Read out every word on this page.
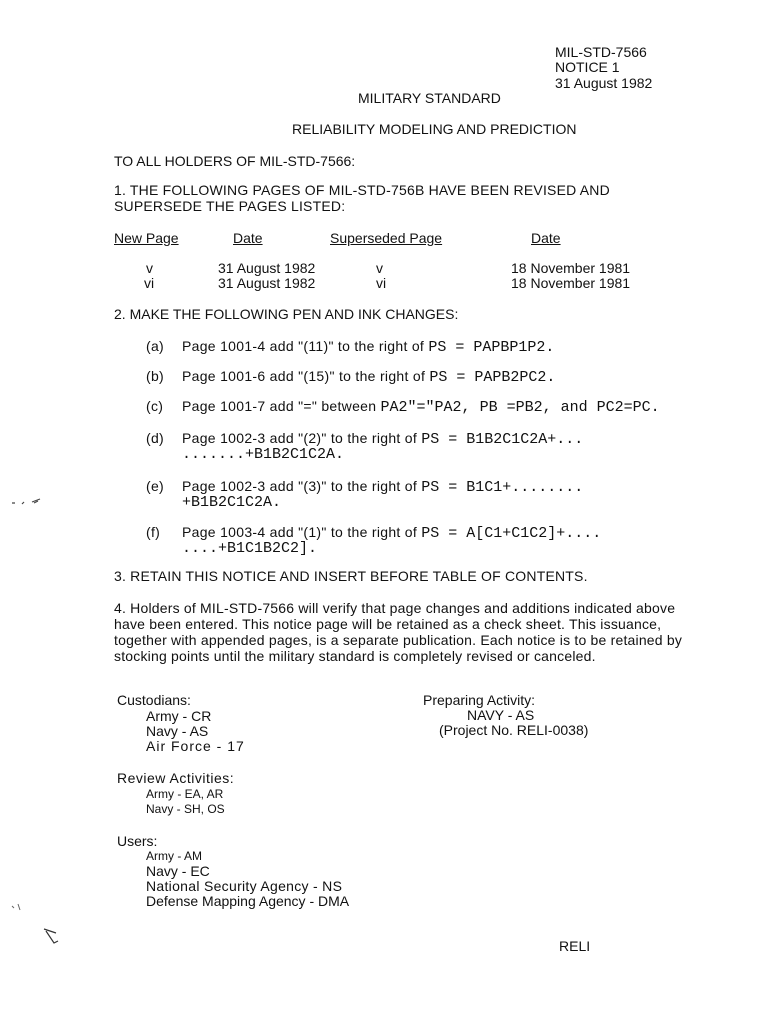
MIL-STD-7566
NOTICE 1
31 August 1982
MILITARY STANDARD
RELIABILITY MODELING AND PREDICTION
TO ALL HOLDERS OF MIL-STD-7566:
1. THE FOLLOWING PAGES OF MIL-STD-756B HAVE BEEN REVISED AND SUPERSEDE THE PAGES LISTED:
New Page	Date	Superseded Page	Date
v	31 August 1982	v	18 November 1981
vi	31 August 1982	vi	18 November 1981
2. MAKE THE FOLLOWING PEN AND INK CHANGES:
(a) Page 1001-4 add "(11)" to the right of PS = PAPBP1P2.
(b) Page 1001-6 add "(15)" to the right of PS = PAPB2PC2.
(c) Page 1001-7 add "=" between PA2"="PA2, PB =PB2, and PC2=PC.
(d) Page 1002-3 add "(2)" to the right of PS = B1B2C1C2A+...
.......+B1B2C1C2A.
(e) Page 1002-3 add "(3)" to the right of PS = B1C1+........
+B1B2C1C2A.
(f) Page 1003-4 add "(1)" to the right of PS = A[C1+C1C2]+....
....+B1C1B2C2].
3. RETAIN THIS NOTICE AND INSERT BEFORE TABLE OF CONTENTS.
4. Holders of MIL-STD-7566 will verify that page changes and additions indicated above have been entered. This notice page will be retained as a check sheet. This issuance, together with appended pages, is a separate publication. Each notice is to be retained by stocking points until the military standard is completely revised or canceled.
Custodians:
Army - CR
Navy - AS
Air Force - 17
Preparing Activity:
NAVY - AS
(Project No. RELI-0038)
Review Activities:
Army - EA, AR
Navy - SH, OS
Users:
Army - AM
Navy - EC
National Security Agency - NS
Defense Mapping Agency - DMA
RELI
